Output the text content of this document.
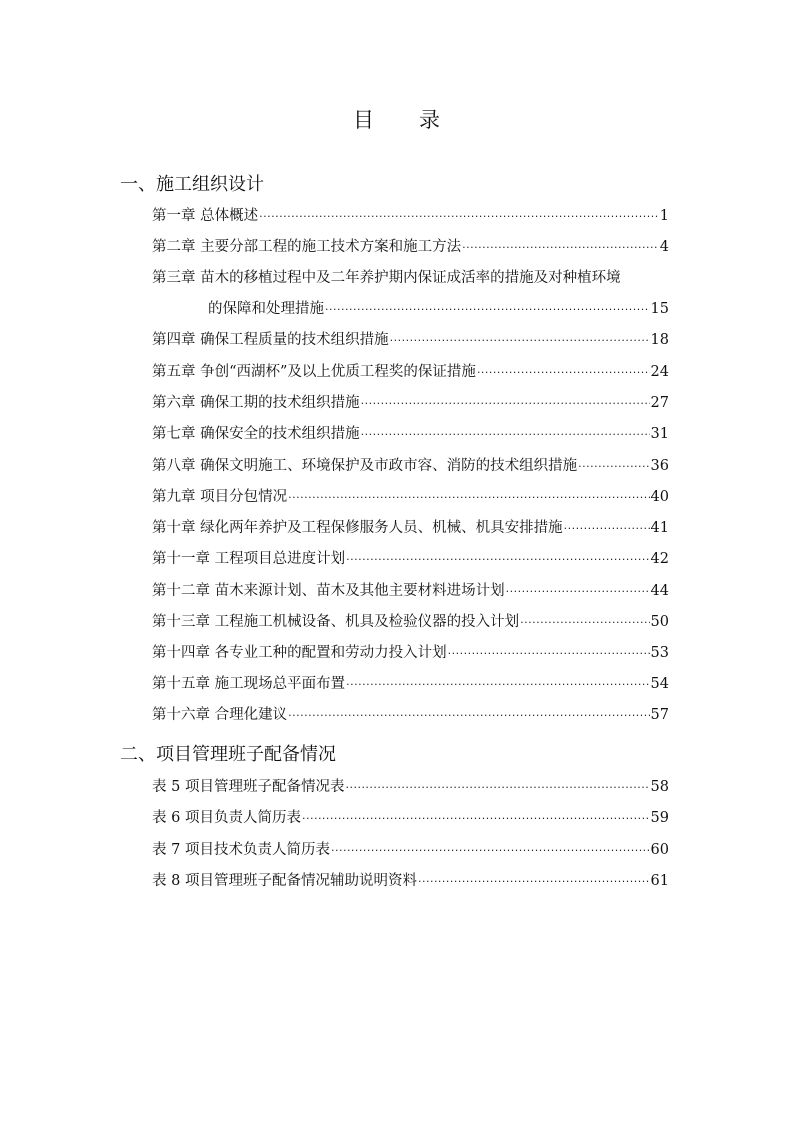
目 录
一、施工组织设计
第一章 总体概述 ·····	1
第二章 主要分部工程的施工技术方案和施工方法 ·····	4
第三章 苗木的移植过程中及二年养护期内保证成活率的措施及对种植环境
的保障和处理措施 ·····	15
第四章 确保工程质量的技术组织措施 ·····	18
第五章 争创“西湖杯”及以上优质工程奖的保证措施 ·····	24
第六章 确保工期的技术组织措施 ·····	27
第七章 确保安全的技术组织措施 ·····	31
第八章 确保文明施工、环境保护及市政市容、消防的技术组织措施 ·····	36
第九章 项目分包情况 ·····	40
第十章 绿化两年养护及工程保修服务人员、机械、机具安排措施 ·····	41
第十一章 工程项目总进度计划 ·····	42
第十二章 苗木来源计划、苗木及其他主要材料进场计划 ·····	44
第十三章 工程施工机械设备、机具及检验仪器的投入计划 ·····	50
第十四章 各专业工种的配置和劳动力投入计划 ·····	53
第十五章 施工现场总平面布置 ·····	54
第十六章 合理化建议 ·····	57
二、项目管理班子配备情况
表 5 项目管理班子配备情况表 ·····	58
表 6 项目负责人简历表 ·····	59
表 7 项目技术负责人简历表 ·····	60
表 8 项目管理班子配备情况辅助说明资料 ·····	61
